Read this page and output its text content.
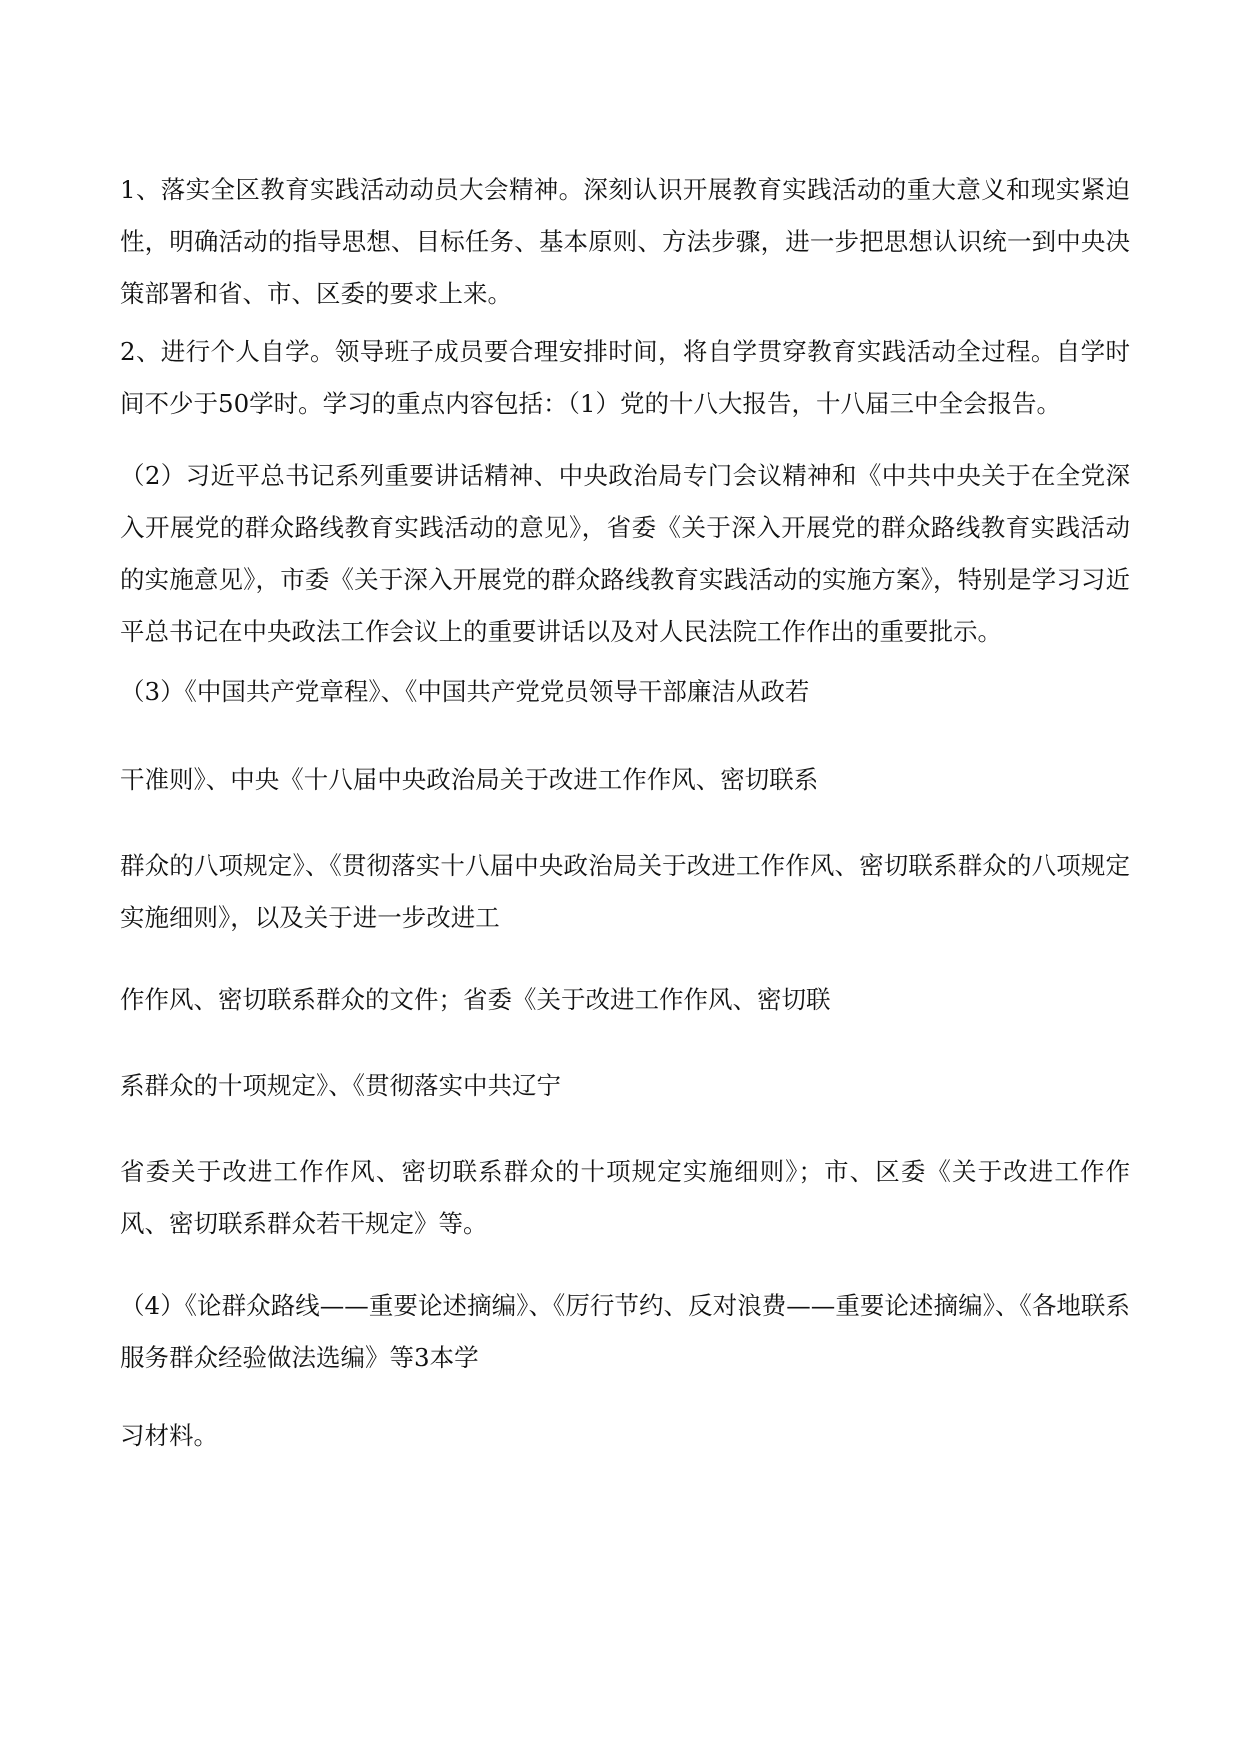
1、落实全区教育实践活动动员大会精神。深刻认识开展教育实践活动的重大意义和现实紧迫性，明确活动的指导思想、目标任务、基本原则、方法步骤，进一步把思想认识统一到中央决策部署和省、市、区委的要求上来。

2、进行个人自学。领导班子成员要合理安排时间，将自学贯穿教育实践活动全过程。自学时间不少于50学时。学习的重点内容包括：（1）党的十八大报告，十八届三中全会报告。

（2）习近平总书记系列重要讲话精神、中央政治局专门会议精神和《中共中央关于在全党深入开展党的群众路线教育实践活动的意见》，省委《关于深入开展党的群众路线教育实践活动的实施意见》，市委《关于深入开展党的群众路线教育实践活动的实施方案》，特别是学习习近平总书记在中央政法工作会议上的重要讲话以及对人民法院工作作出的重要批示。

（3）《中国共产党章程》、《中国共产党党员领导干部廉洁从政若

干准则》、中央《十八届中央政治局关于改进工作作风、密切联系

群众的八项规定》、《贯彻落实十八届中央政治局关于改进工作作风、密切联系群众的八项规定实施细则》，以及关于进一步改进工

作作风、密切联系群众的文件；省委《关于改进工作作风、密切联

系群众的十项规定》、《贯彻落实中共辽宁

省委关于改进工作作风、密切联系群众的十项规定实施细则》；市、区委《关于改进工作作风、密切联系群众若干规定》等。

（4）《论群众路线——重要论述摘编》、《厉行节约、反对浪费——重要论述摘编》、《各地联系服务群众经验做法选编》等3本学

习材料。
